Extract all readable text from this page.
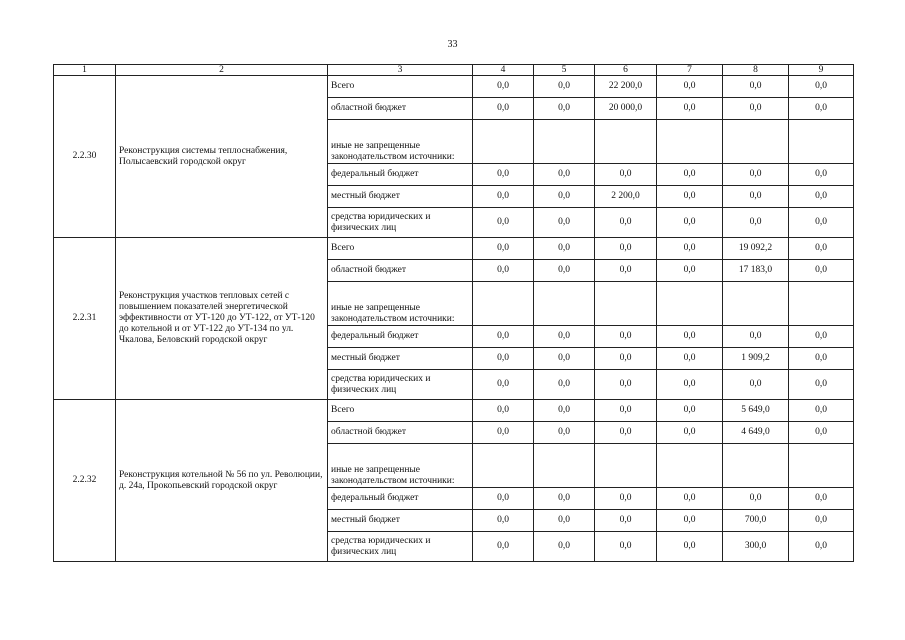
33
1	2	3	4	5	6	7	8	9
2.2.30	Реконструкция системы теплоснабжения, Полысаевский городской округ	Всего	0,0	0,0	22 200,0	0,0	0,0	0,0

		областной бюджет	0,0	0,0	20 000,0	0,0	0,0	0,0

		иные не запрещенные законодательством источники:						

		федеральный бюджет	0,0	0,0	0,0	0,0	0,0	0,0

		местный бюджет	0,0	0,0	2 200,0	0,0	0,0	0,0

		средства юридических и физических лиц	0,0	0,0	0,0	0,0	0,0	0,0
2.2.31	Реконструкция участков тепловых сетей с повышением показателей энергетической эффективности от УТ-120 до УТ-122, от УТ-120 до котельной и от УТ-122 до УТ-134 по ул. Чкалова, Беловский городской округ	Всего	0,0	0,0	0,0	0,0	19 092,2	0,0

		областной бюджет	0,0	0,0	0,0	0,0	17 183,0	0,0

		иные не запрещенные законодательством источники:						

		федеральный бюджет	0,0	0,0	0,0	0,0	0,0	0,0

		местный бюджет	0,0	0,0	0,0	0,0	1 909,2	0,0

		средства юридических и физических лиц	0,0	0,0	0,0	0,0	0,0	0,0
2.2.32	Реконструкция котельной № 56 по ул. Революции, д. 24а, Прокопьевский городской округ	Всего	0,0	0,0	0,0	0,0	5 649,0	0,0

		областной бюджет	0,0	0,0	0,0	0,0	4 649,0	0,0

		иные не запрещенные законодательством источники:						

		федеральный бюджет	0,0	0,0	0,0	0,0	0,0	0,0

		местный бюджет	0,0	0,0	0,0	0,0	700,0	0,0

		средства юридических и физических лиц	0,0	0,0	0,0	0,0	300,0	0,0
